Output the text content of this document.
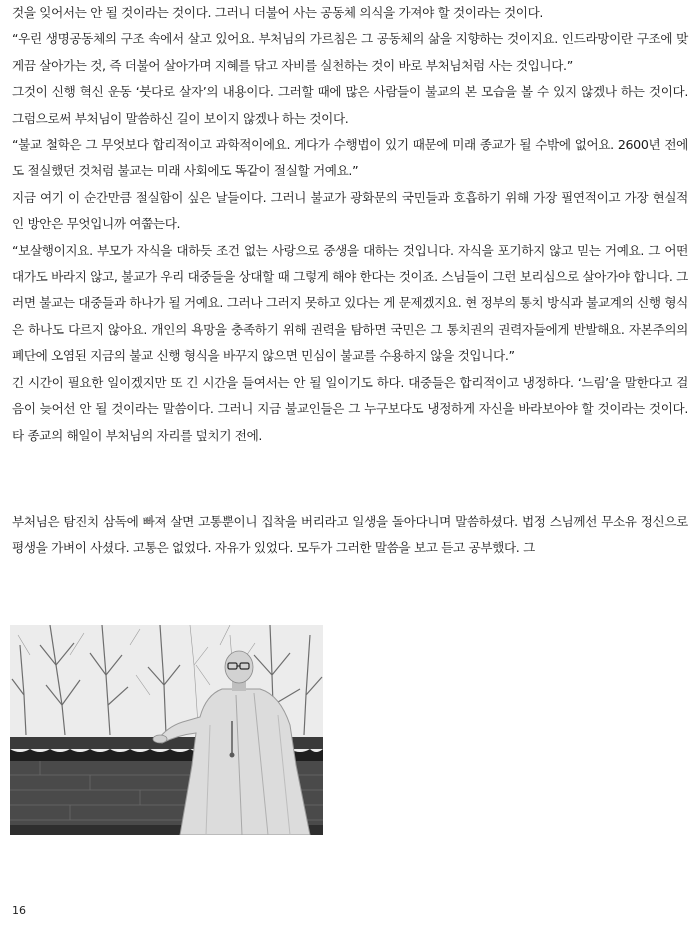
것을 잊어서는 안 될 것이라는 것이다. 그러니 더불어 사는 공동체 의식을 가져야 할 것이라는 것이다.

“우린 생명공동체의 구조 속에서 살고 있어요. 부처님의 가르침은 그 공동체의 삶을 지향하는 것이지요. 인드라망이란 구조에 맞게끔 살아가는 것, 즉 더불어 살아가며 지혜를 닦고 자비를 실천하는 것이 바로 부처님처럼 사는 것입니다.”

그것이 신행 혁신 운동 ‘붓다로 살자’의 내용이다. 그러할 때에 많은 사람들이 불교의 본 모습을 볼 수 있지 않겠나 하는 것이다. 그럼으로써 부처님이 말씀하신 길이 보이지 않겠나 하는 것이다.

“불교 철학은 그 무엇보다 합리적이고 과학적이에요. 게다가 수행법이 있기 때문에 미래 종교가 될 수밖에 없어요. 2600년 전에도 절실했던 것처럼 불교는 미래 사회에도 똑같이 절실할 거예요.”

지금 여기 이 순간만큼 절실함이 싶은 날들이다. 그러니 불교가 광화문의 국민들과 호흡하기 위해 가장 필연적이고 가장 현실적인 방안은 무엇입니까 여쭙는다.

“보살행이지요. 부모가 자식을 대하듯 조건 없는 사랑으로 중생을 대하는 것입니다. 자식을 포기하지 않고 믿는 거예요. 그 어떤 대가도 바라지 않고, 불교가 우리 대중들을 상대할 때 그렇게 해야 한다는 것이죠. 스님들이 그런 보리심으로 살아가야 합니다. 그러면 불교는 대중들과 하나가 될 거예요. 그러나 그러지 못하고 있다는 게 문제겠지요. 현 정부의 통치 방식과 불교계의 신행 형식은 하나도 다르지 않아요. 개인의 욕망을 충족하기 위해 권력을 탐하면 국민은 그 통치권의 권력자들에게 반발해요. 자본주의의 폐단에 오염된 지금의 불교 신행 형식을 바꾸지 않으면 민심이 불교를 수용하지 않을 것입니다.”

긴 시간이 필요한 일이겠지만 또 긴 시간을 들여서는 안 될 일이기도 하다. 대중들은 합리적이고 냉정하다. ‘느림’을 말한다고 걸음이 늦어선 안 될 것이라는 말씀이다. 그러니 지금 불교인들은 그 누구보다도 냉정하게 자신을 바라보아야 할 것이라는 것이다. 타 종교의 해일이 부처님의 자리를 덮치기 전에.

부처님은 탐진치 삼독에 빠져 살면 고통뿐이니 집착을 버리라고 일생을 돌아다니며 말씀하셨다. 법정 스님께선 무소유 정신으로 평생을 가벼이 사셨다. 고통은 없었다. 자유가 있었다. 모두가 그러한 말씀을 보고 듣고 공부했다. 그

16
